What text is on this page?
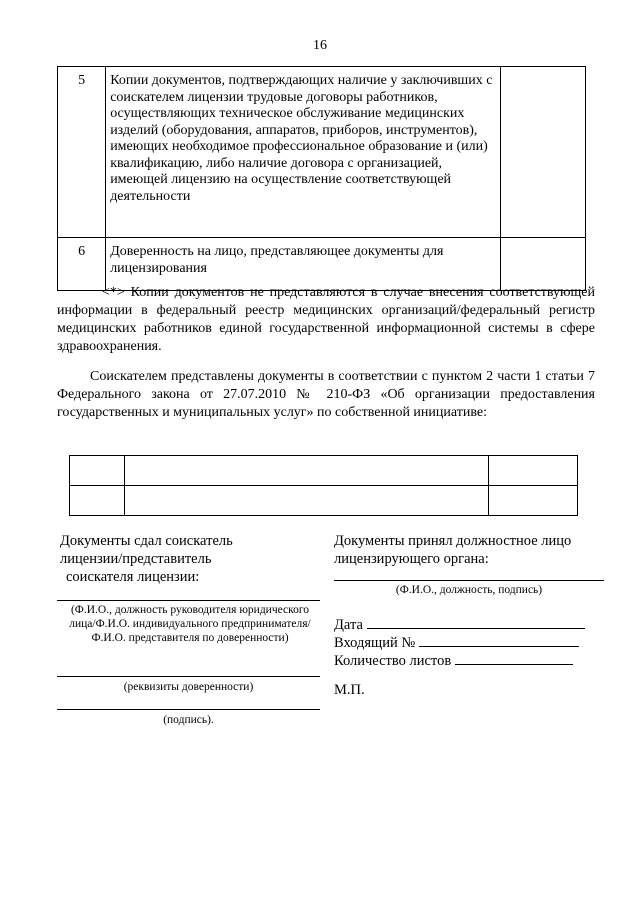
16
5	Копии документов, подтверждающих наличие у заключивших с соискателем лицензии трудовые договоры работников, осуществляющих техническое обслуживание медицинских изделий (оборудования, аппаратов, приборов, инструментов), имеющих необходимое профессиональное образование и (или) квалификацию, либо наличие договора с организацией, имеющей лицензию на осуществление соответствующей деятельности	
6	Доверенность на лицо, представляющее документы для лицензирования	
<*> Копии документов не представляются в случае внесения соответствующей информации в федеральный реестр медицинских организаций/федеральный регистр медицинских работников единой государственной информационной системы в сфере здравоохранения.
Соискателем представлены документы в соответствии с пунктом 2 части 1 статьи 7 Федерального закона от 27.07.2010 № 210-ФЗ «Об организации предоставления государственных и муниципальных услуг» по собственной инициативе:

Документы сдал соискатель
лицензии/представитель
соискателя лицензии:
(Ф.И.О., должность руководителя юридического лица/Ф.И.О. индивидуального предпринимателя/ Ф.И.О. представителя по доверенности)
(реквизиты доверенности)
(подпись).
Документы принял должностное лицо
лицензирующего органа:
(Ф.И.О., должность, подпись)
Дата
Входящий №
Количество листов
М.П.
